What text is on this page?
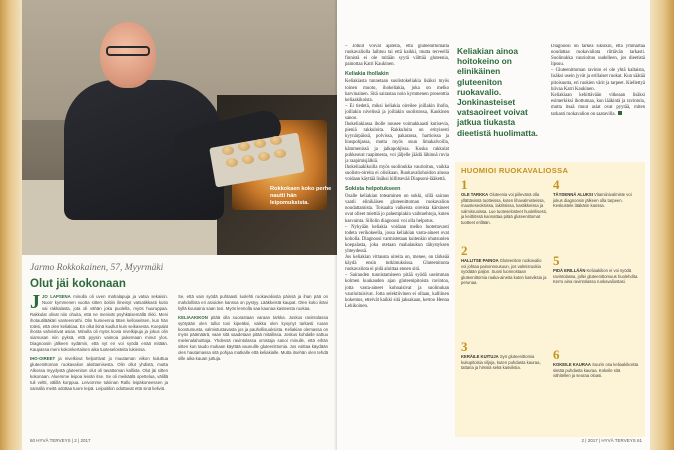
Rokkokaen koko perhe nautti hän leipomuksista.
Jarmo Rokkokainen, 57, Myyrmäki
Olut jäi kokonaan
J JO LAPSENA minulla oli uven mahalapuja ja vatsa sekaisin. Nuorr kymmenen vuotta sitten itoitiin ilmeisyt vatsatikkasti kutio vai rakkalasta, jota oli vähän joka puolella, myös huuruppaa. Rakkulat olivat niin ohuita, että ne menivät psyhkäisemällä rikki. Meni ihotautilääkäri vanteenrathi. Olin humeenna täten kelloseitsen, kun hän totesi, että olen keliakiaa. En ollut ikinä kuullut kuin seikasesta. Koepalat ihosta vahvistivat asian. Minulla oli myös kovia nivelkipuja ja jokus olin siamusan niin pyksä, että pyysin vaimoa pukemaan minut ylos. Diagnoosin jälkeen sydämin, että nyt en voi syödä enää mitään. Kaupassa meni kokonkertainen aika tuoteselosteita lukiessa.
IHO-OIREET ja nivelkivut helpottivat jo muutaman viikon kuluttua gluteenittoman ruokavalion aloittamisesta. Olin ollut yhdistä, mutta Alkossa myydystä gluteeniton olut oli tavattoman kallista. Olut jäi sitten kokonaan. Aluemme leipoa leivän itse. Se oli meikäälä opettelua, välillä tuli veltti, välillä korppua. Leivomme tukiinan Rallo leipäkoneessen ja samalla meitä odottaa tuore leipä. Leipoitikin odottavat että sinä lieliviä.
Se, että vain syödä puhtaasti luolehti ruokavaliosta päinsä ja ihan pää on mahdollista eri asioiden kanssa on pystyy. Lääkkeistä kaupat. Olen koko ikäni kyllä kuusaina saan tosi. Myös lennolla saa kaunaa kasteesta ruokaa.
KELIAAKIKON pitää olla suorastaan varaan tarkka. Joskus ravintolassa syötyään olen tullut tosi kipeäksi, vaikka olen kysynyt tarkasti ruoan koostumusta, valmistustavasta jos ja pauhollisuuksista. Keliakian olemassa on myös päämäärä, vaan sitä saadetaan pitää mitallissa. Joskus kohdalle sattuu mielenalahoittaja. Yhdessä ravintolassa omistaja sanoi minulle, että eihän sitten kun taudo mukaan käyttää vaunuille gluteenittomia. Jos voittaa käydään olen hautamassa sitä pohjaa matkalle että keliakialle. Mutta itsehän olen tehdä sille aika kauan juttuja.
60 HYVÄ TERVEYS | 2 | 2017
– Jotkut voivat ajatella, että gluteenittomalla ruokavaliolla laihtuu tai että kaikki, mutta terveellä finnistä ei ole mitään syytä välttää gluteenia, painottaa Katri Kaukinen.
Keliakia ihollakin
Keliakiasta tunnetaan suolistokeliakia lisäksi myös toinen muoto, ihokeliakia, joka on melko harvinainen. Sitä sairastaa noin kymmenen prosenttia keliaakikoista.
– Ei tiedetä, miksi keliakia oireilee joillakin iholla, joillakin nivelissä ja joillakin suolistossa, Kaukinen sanoo.
Ihokeliakiassa iholle nousee voimakkaasti kutisevia, pieniä rakkuloita. Rakkuloita on erityisesti kyynärpäissä, polvissa, pakarassa, hartioissa ja hiuspohjassa, mutta myös suun limakalvoilla, kämmenissä ja jalkapohjissa. Koska rakkulat puhkeavat raapimesta, voi jäljelle jäädä lähinnä ruvia ja raapimisjälkiä.
Ihokeliaakikoilla myös suolinukka vaurioituu, vaikka suolisto-oireita ei olisikaan. Ruokavaliohoidon alussa voidaan käyttää lisäksi hillitsevää Diapsoni-lääkettä.
Sokista helpotukseen
Osalle keliakian toteaminen on sokki, sillä sairaus vaatii elinikäisen gluteenittoman ruokavalion noudattamista. Toisaalta valkeista oireista kärsineet ovat olleet miettiä jo pahempiakin vaihtoehtoja, kuten kasvainta. Sillolin diagnoosi voi olla helpotus.
– Nykyään keliakia voidaan melko luotettavasti todeta verikokeella, jossa keliakian vasta-aineet ovat koholla. Diagnoosi varmistetaan kuitenkin ohutsuolen koepalasta, joka otetaan mahalaukun tähystyksen yhteydessä.
Jos keliakian vittausta oireita on, menee, on tärkeää käydä ensin tutkimuksissa. Gluteenitonta ruokavaliota ei pidä aloittaa ennen sitä.
– Sairauden tunnistamiseen pitää syödä useimman kolmen kuukauden ajan gluteenipitoista ravintoa, jotta vasta-aineet kohoaisivat ja suolinukan vaurioituisivat. Jotta selektiivinen ei ollaan, kalliinen kokemus, etteivät kaikki sitä jaksakaan, kertoo Henna Lehikoinen.
Keliakian ainoa hoitokeino on elinikäinen gluteeniton ruokavalio. Jonkinasteiset vatsaoireet voivat jatkua tiukasta dieetistä huolimatta.
Diagnoosi on tärkeä siksikin, että ymmärtää noudattaa ruokavaliota riittävän tarkasti. Suolinukka vaurioituu uudelleen, jos dieetistä lipsuu.
– Gluteenittoman ravinto ei ole yhtä kaltaista, lisäksi usein jyvät ja erillaiset ruokat. Kun säätää pitoisuutta, eri ruokien värit ja tarpeet. Kiellettyä hiivaa Katri Kaukinen.
Keliakiaan kehittävään vitkeaan lisäksi esimerkiksi ihottumaa, kun lääkintä ja ravintola, mutta itsaä muut asiat ovat pyytää, miten tarkasti ruokavalion on saatavilla.
HUOMIOI RUOKAVALIOSSA
1
OLE TARKKA Gluteenia voi piilevänä olla yllättävissä tuotteissa, kuten lihavalmisteissa, mausteseoksissa, lakritsissa, kastikkeissa ja valmisruoissa. Lue tuoteselosteet huolellisesti, ja keittiössä kannattaa pitää gluteenittomat tuotteet erillään.
2
HALLITSE PAINOA Gluteeniton ruokavalio voi johtaa painonnousuun, jos valmisruokia syödään paljon. Suosi luonnostaan gluteenittomia raaka-aineita kuten kasviksia ja perunaa.
3
KERÄILE KUITUJA Syö gluteenittomia kuitupitoisia viljoja, kuten puhdasta kauraa, tattaria ja hirssiä sekä kasviksia.
4
TÄYDENNÄ ALUKSI Vitamiinivalmiste voi jokus diagnoosin jälkeen olla tarpeen. Keskustele lääkärin kanssa.
5
PIDÄ ERILLÄÄN Keliaakikon ei voi syödä ravintolassa, jollei gluteenittomuus huolehdita. Kerro aina ravintolassa ruokavaliostasi.
6
KOKEILE KAURAA Suurin osa keliaakikoista sietää puhdasta kauraa. Kokeile sitä vähitellen ja seuraa oloasi.
2 | 2017 | HYVÄ TERVEYS 61
